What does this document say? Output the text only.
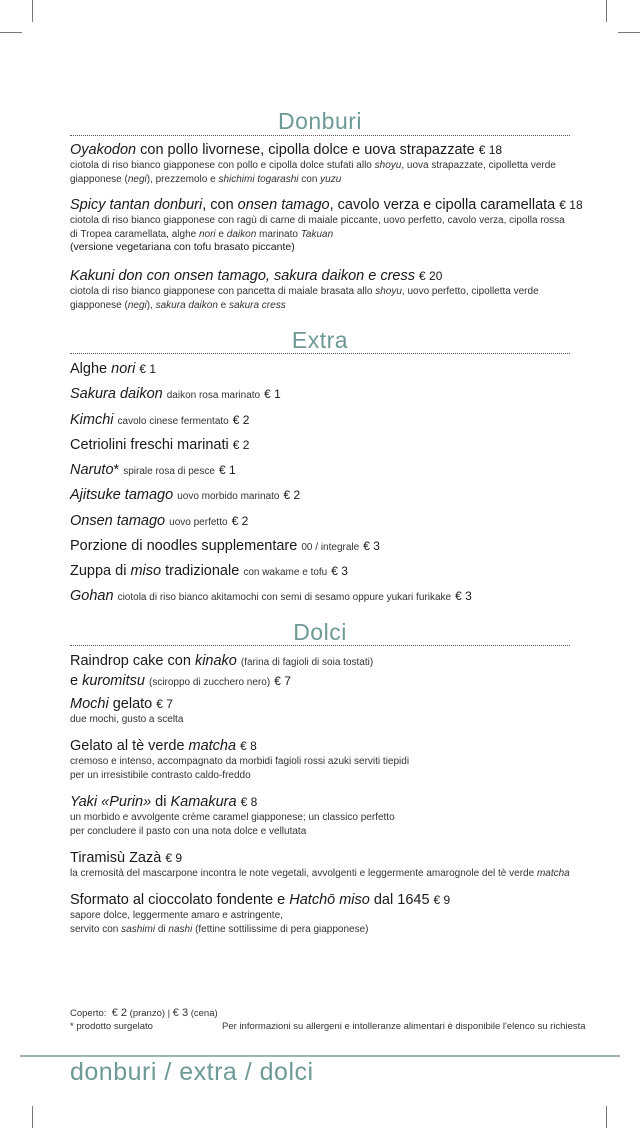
Donburi
Oyakodon con pollo livornese, cipolla dolce e uova strapazzate € 18
ciotola di riso bianco giapponese con pollo e cipolla dolce stufati allo shoyu, uova strapazzate, cipolletta verde giapponese (negi), prezzemolo e shichimi togarashi con yuzu
Spicy tantan donburi, con onsen tamago, cavolo verza e cipolla caramellata € 18
ciotola di riso bianco giapponese con ragù di carne di maiale piccante, uovo perfetto, cavolo verza, cipolla rossa di Tropea caramellata, alghe nori e daikon marinato Takuan
(versione vegetariana con tofu brasato piccante)
Kakuni don con onsen tamago, sakura daikon e cress € 20
ciotola di riso bianco giapponese con pancetta di maiale brasata allo shoyu, uovo perfetto, cipolletta verde giapponese (negi), sakura daikon e sakura cress
Extra
Alghe nori € 1
Sakura daikon daikon rosa marinato € 1
Kimchi cavolo cinese fermentato € 2
Cetriolini freschi marinati € 2
Naruto* spirale rosa di pesce € 1
Ajitsuke tamago uovo morbido marinato € 2
Onsen tamago uovo perfetto € 2
Porzione di noodles supplementare 00 / integrale € 3
Zuppa di miso tradizionale con wakame e tofu € 3
Gohan ciotola di riso bianco akitamochi con semi di sesamo oppure yukari furikake € 3
Dolci
Raindrop cake con kinako (farina di fagioli di soia tostati)
e kuromitsu (sciroppo di zucchero nero) € 7
Mochi gelato € 7
due mochi, gusto a scelta
Gelato al tè verde matcha € 8
cremoso e intenso, accompagnato da morbidi fagioli rossi azuki serviti tiepidi
per un irresistibile contrasto caldo-freddo
Yaki «Purin» di Kamakura € 8
un morbido e avvolgente crème caramel giapponese; un classico perfetto
per concludere il pasto con una nota dolce e vellutata
Tiramisù Zazà € 9
la cremosità del mascarpone incontra le note vegetali, avvolgenti e leggermente amarognole del tè verde matcha
Sformato al cioccolato fondente e Hatchō miso dal 1645 € 9
sapore dolce, leggermente amaro e astringente,
servito con sashimi di nashi (fettine sottilissime di pera giapponese)
Coperto: € 2 (pranzo) | € 3 (cena)
* prodotto surgelato	Per informazioni su allergeni e intolleranze alimentari è disponibile l'elenco su richiesta
donburi / extra / dolci
